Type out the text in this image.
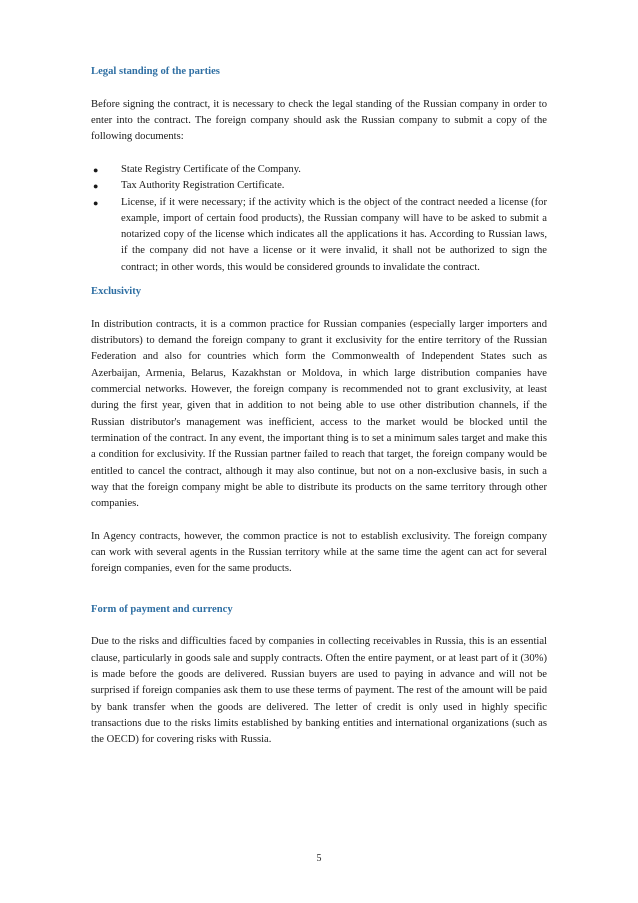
Legal standing of the parties

Before signing the contract, it is necessary to check the legal standing of the Russian company in order to enter into the contract. The foreign company should ask the Russian company to submit a copy of the following documents:

● State Registry Certificate of the Company.
● Tax Authority Registration Certificate.
● License, if it were necessary; if the activity which is the object of the contract needed a license (for example, import of certain food products), the Russian company will have to be asked to submit a notarized copy of the license which indicates all the applications it has. According to Russian laws, if the company did not have a license or it were invalid, it shall not be authorized to sign the contract; in other words, this would be considered grounds to invalidate the contract.
Exclusivity

In distribution contracts, it is a common practice for Russian companies (especially larger importers and distributors) to demand the foreign company to grant it exclusivity for the entire territory of the Russian Federation and also for countries which form the Commonwealth of Independent States such as Azerbaijan, Armenia, Belarus, Kazakhstan or Moldova, in which large distribution companies have commercial networks. However, the foreign company is recommended not to grant exclusivity, at least during the first year, given that in addition to not being able to use other distribution channels, if the Russian distributor's management was inefficient, access to the market would be blocked until the termination of the contract. In any event, the important thing is to set a minimum sales target and make this a condition for exclusivity. If the Russian partner failed to reach that target, the foreign company would be entitled to cancel the contract, although it may also continue, but not on a non-exclusive basis, in such a way that the foreign company might be able to distribute its products on the same territory through other companies.

In Agency contracts, however, the common practice is not to establish exclusivity. The foreign company can work with several agents in the Russian territory while at the same time the agent can act for several foreign companies, even for the same products.

Form of payment and currency

Due to the risks and difficulties faced by companies in collecting receivables in Russia, this is an essential clause, particularly in goods sale and supply contracts. Often the entire payment, or at least part of it (30%) is made before the goods are delivered. Russian buyers are used to paying in advance and will not be surprised if foreign companies ask them to use these terms of payment. The rest of the amount will be paid by bank transfer when the goods are delivered. The letter of credit is only used in highly specific transactions due to the risks limits established by banking entities and international organizations (such as the OECD) for covering risks with Russia.

5
